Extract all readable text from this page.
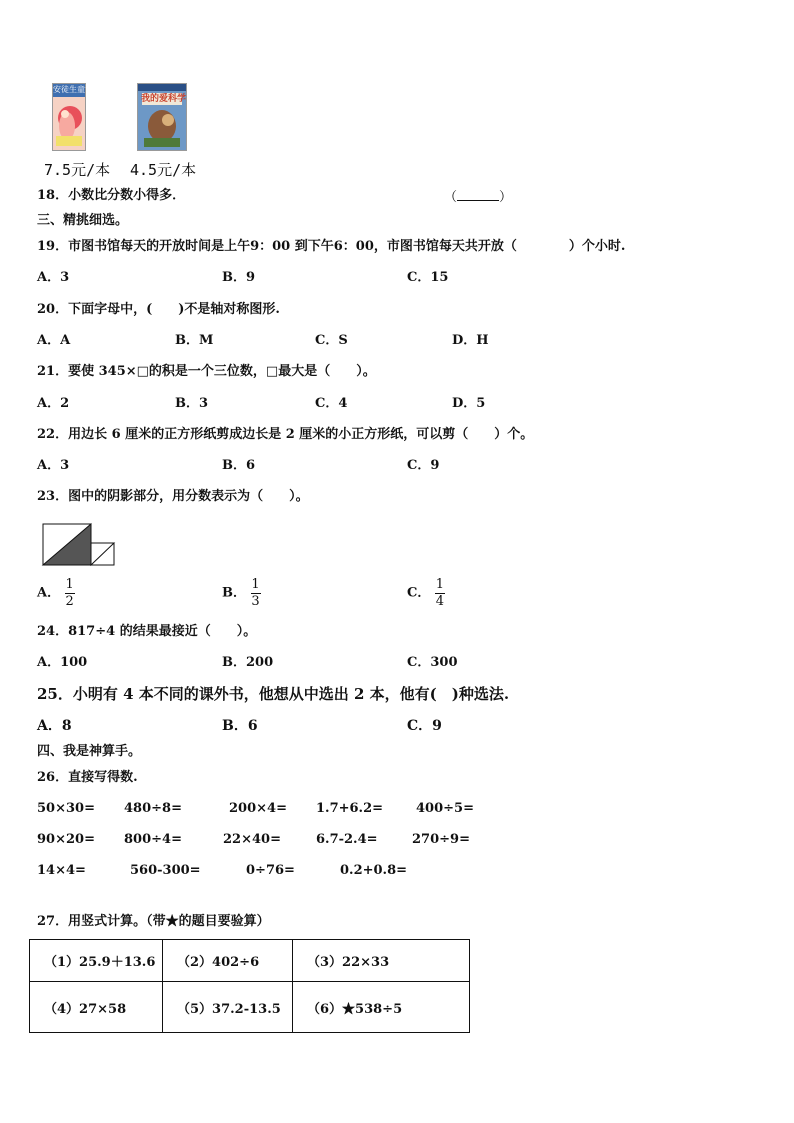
安徒生童话
我的爱科学
7.5元/本 4.5元/本
18．小数比分数小得多．	（	）
三、精挑细选。
19．市图书馆每天的开放时间是上午9：00 到下午6：00，市图书馆每天共开放（　　　　）个小时.
A．3	B．9	C．15
20．下面字母中，(　　)不是轴对称图形.
A．A	B．M	C．S	D．H
21．要使 345×□的积是一个三位数，□最大是（　　）。
A．2	B．3	C．4	D．5
22．用边长 6 厘米的正方形纸剪成边长是 2 厘米的小正方形纸，可以剪（　　）个。
A．3	B．6	C．9
23．图中的阴影部分，用分数表示为（　　）。
A． $\frac{1}{2}$	B． $\frac{1}{3}$	C． $\frac{1}{4}$
24．817÷4 的结果最接近（　　）。
A．100	B．200	C．300
25．小明有 4 本不同的课外书，他想从中选出 2 本，他有(　)种选法.
A．8	B．6	C．9
四、我是神算手。
26．直接写得数.
50×30= 480÷8=	200×4= 1.7+6.2=	400÷5=
90×20= 800÷4=	22×40=	6.7-2.4=	270÷9=
14×4=	560-300=	0÷76=	0.2+0.8=
27．用竖式计算。（带★的题目要验算）
（1）25.9＋13.6	（2）402÷6	（3）22×33
（4）27×58	（5）37.2-13.5	（6）★538÷5
